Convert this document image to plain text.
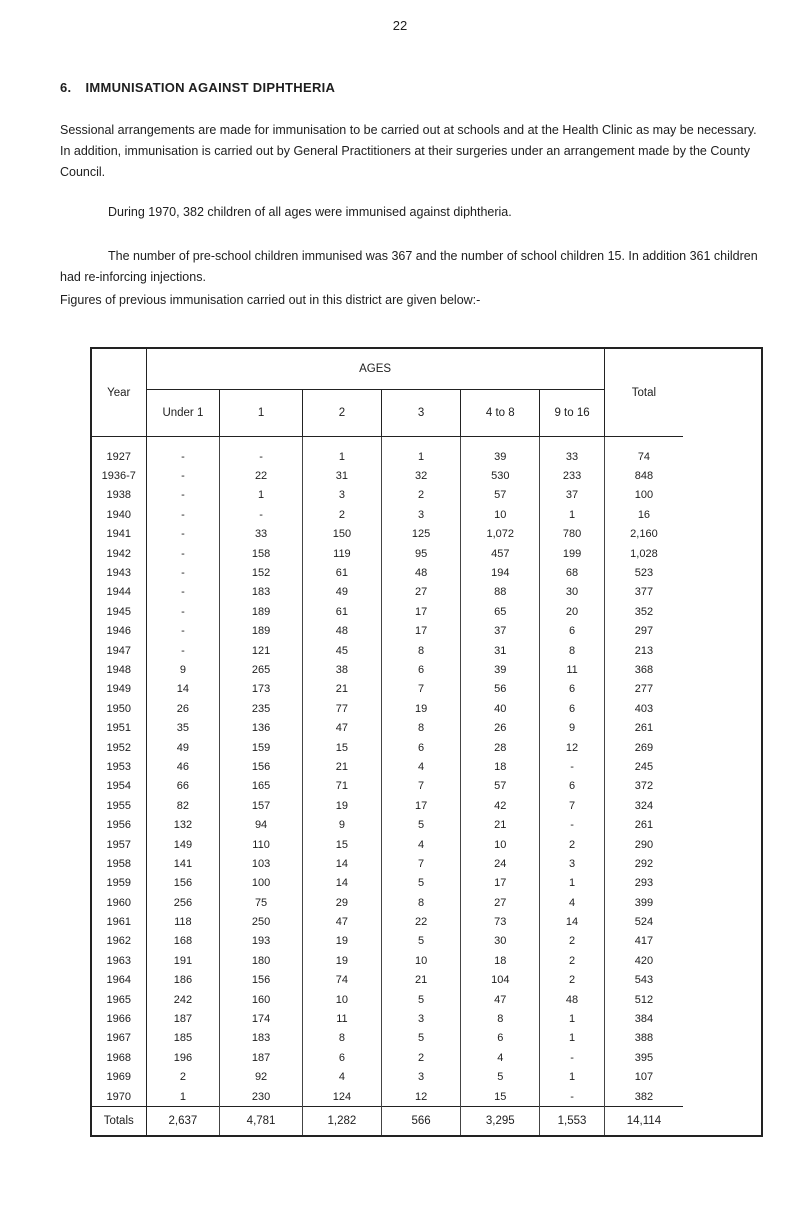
22
6. IMMUNISATION AGAINST DIPHTHERIA
Sessional arrangements are made for immunisation to be carried out at schools and at the Health Clinic as may be necessary. In addition, immunisation is carried out by General Practitioners at their surgeries under an arrangement made by the County Council.
During 1970, 382 children of all ages were immunised against diphtheria.
The number of pre-school children immunised was 367 and the number of school children 15. In addition 361 children had re-inforcing injections.
Figures of previous immunisation carried out in this district are given below:-
Year	AGES						Total
	Under 1	1	2	3	4 to 8	9 to 16	
1927	-	-	1	1	39	33	74
1936-7	-	22	31	32	530	233	848
1938	-	1	3	2	57	37	100
1940	-	-	2	3	10	1	16
1941	-	33	150	125	1,072	780	2,160
1942	-	158	119	95	457	199	1,028
1943	-	152	61	48	194	68	523
1944	-	183	49	27	88	30	377
1945	-	189	61	17	65	20	352
1946	-	189	48	17	37	6	297
1947	-	121	45	8	31	8	213
1948	9	265	38	6	39	11	368
1949	14	173	21	7	56	6	277
1950	26	235	77	19	40	6	403
1951	35	136	47	8	26	9	261
1952	49	159	15	6	28	12	269
1953	46	156	21	4	18	-	245
1954	66	165	71	7	57	6	372
1955	82	157	19	17	42	7	324
1956	132	94	9	5	21	-	261
1957	149	110	15	4	10	2	290
1958	141	103	14	7	24	3	292
1959	156	100	14	5	17	1	293
1960	256	75	29	8	27	4	399
1961	118	250	47	22	73	14	524
1962	168	193	19	5	30	2	417
1963	191	180	19	10	18	2	420
1964	186	156	74	21	104	2	543
1965	242	160	10	5	47	48	512
1966	187	174	11	3	8	1	384
1967	185	183	8	5	6	1	388
1968	196	187	6	2	4	-	395
1969	2	92	4	3	5	1	107
1970	1	230	124	12	15	-	382
Totals	2,637	4,781	1,282	566	3,295	1,553	14,114
